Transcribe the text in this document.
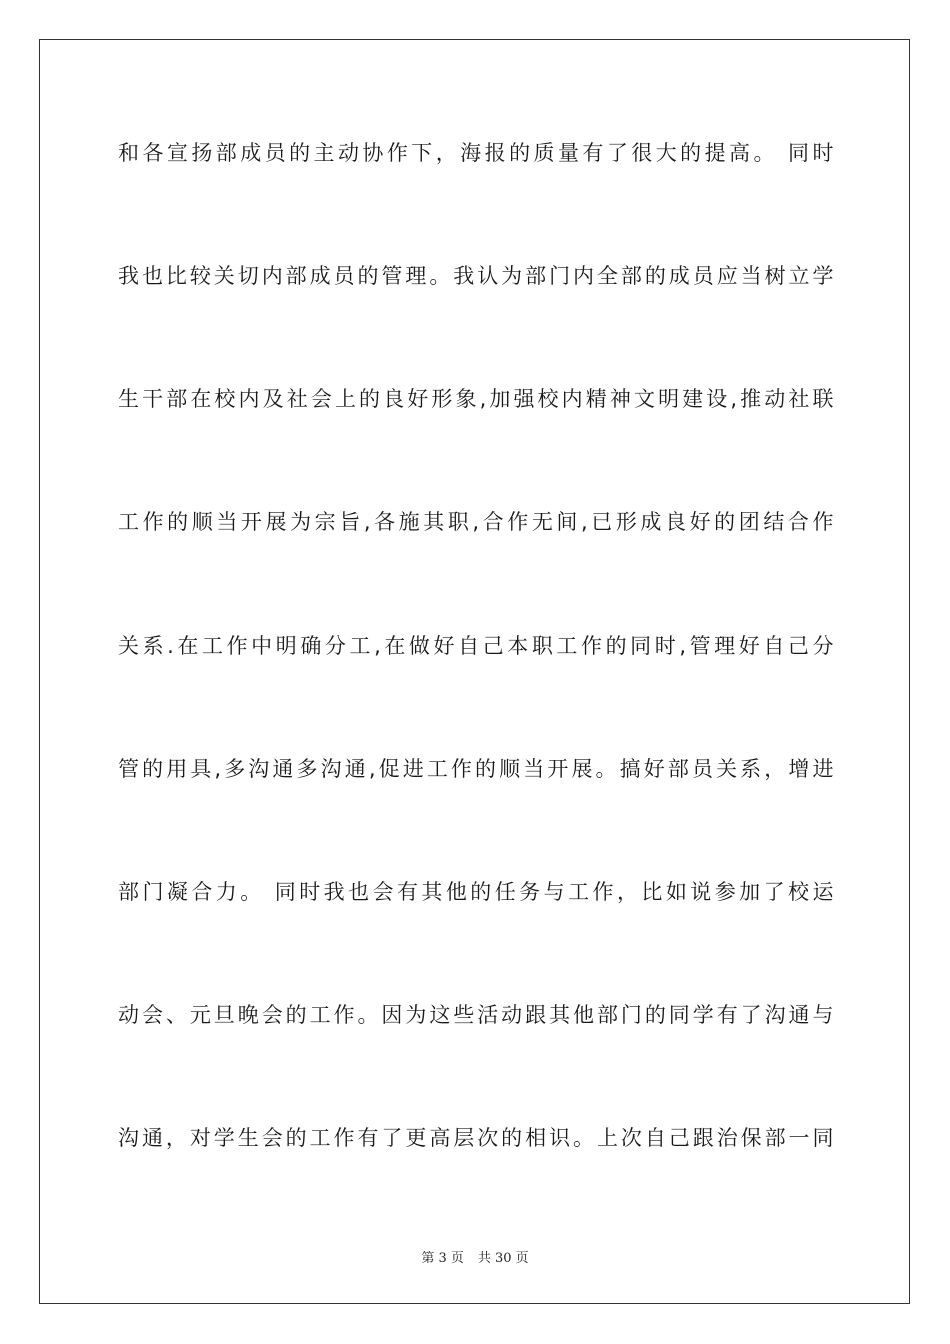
和各宣扬部成员的主动协作下，海报的质量有了很大的提高。 同时
我也比较关切内部成员的管理。我认为部门内全部的成员应当树立学
生干部在校内及社会上的良好形象,加强校内精神文明建设,推动社联
工作的顺当开展为宗旨,各施其职,合作无间,已形成良好的团结合作
关系.在工作中明确分工,在做好自己本职工作的同时,管理好自己分
管的用具,多沟通多沟通,促进工作的顺当开展。搞好部员关系，增进
部门凝合力。 同时我也会有其他的任务与工作，比如说参加了校运
动会、元旦晚会的工作。因为这些活动跟其他部门的同学有了沟通与
沟通，对学生会的工作有了更高层次的相识。上次自己跟治保部一同
第 3 页 共 30 页
